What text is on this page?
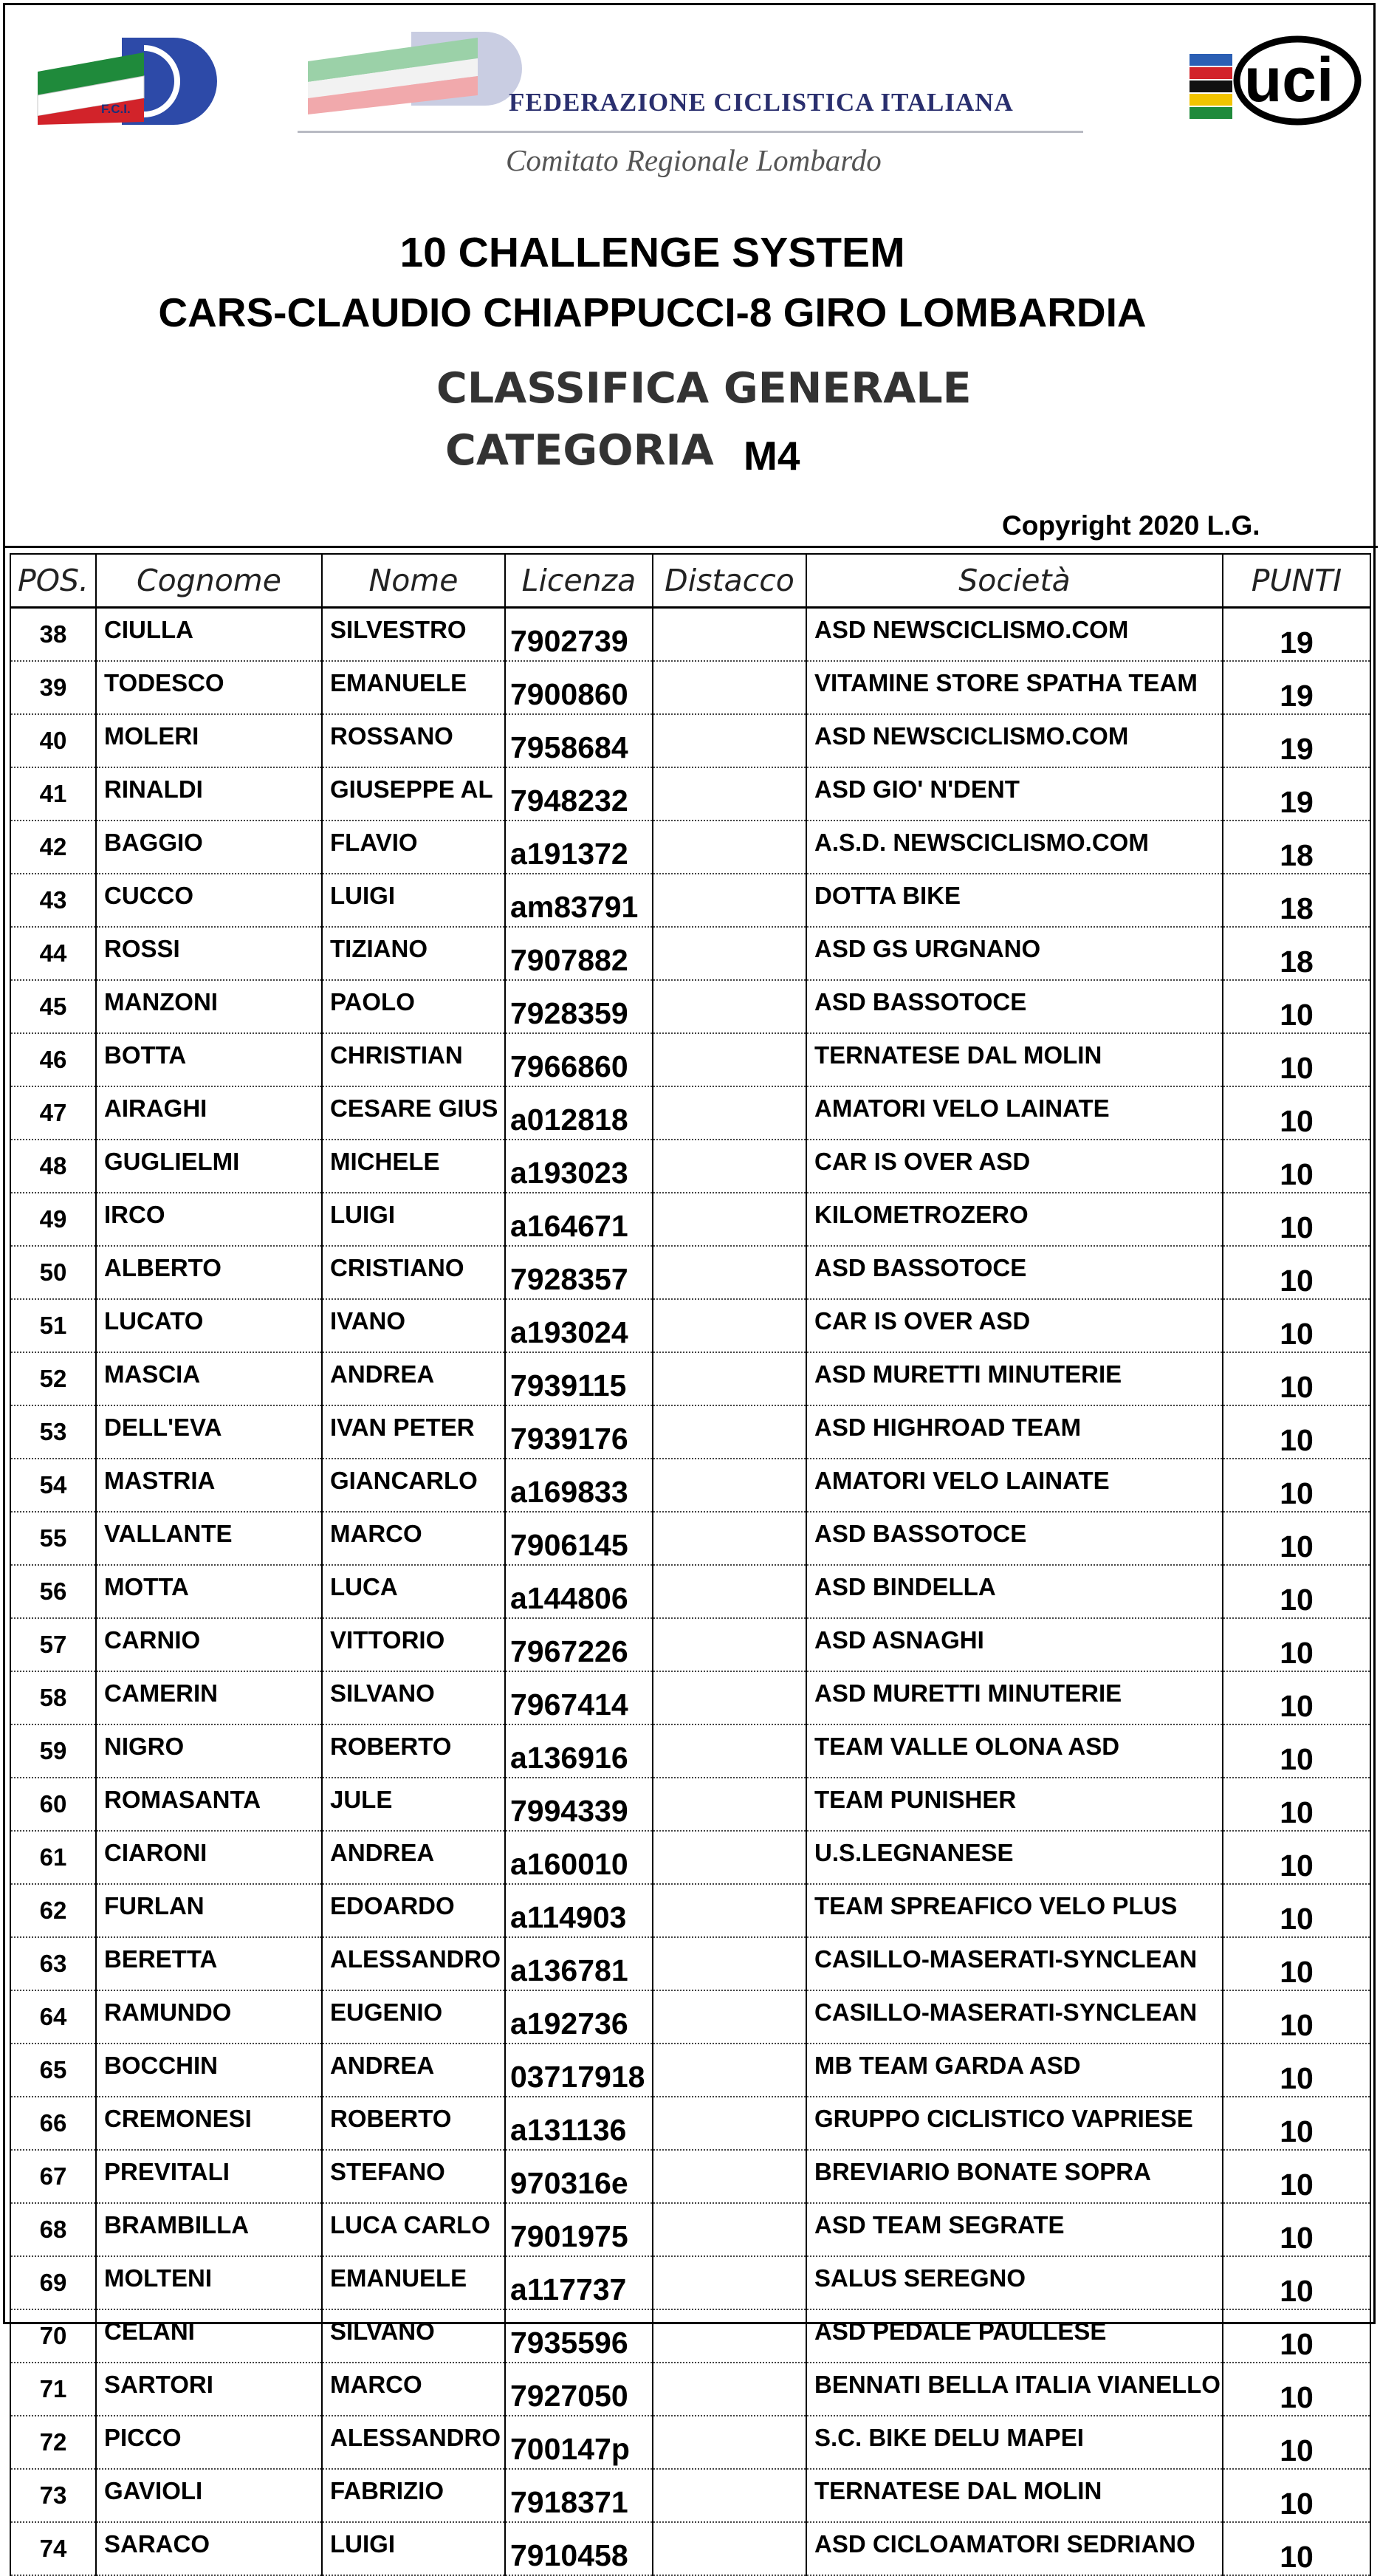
F.C.I.	FEDERAZIONE CICLISTICA ITALIANA
Comitato Regionale Lombardo
uci
10 CHALLENGE SYSTEM
CARS-CLAUDIO CHIAPPUCCI-8 GIRO LOMBARDIA
CLASSIFICA GENERALE
CATEGORIA M4
Copyright 2020 L.G.
POS.	Cognome	Nome	Licenza	Distacco	Società	PUNTI
38	CIULLA	SILVESTRO	7902739		ASD NEWSCICLISMO.COM	19
39	TODESCO	EMANUELE	7900860		VITAMINE STORE SPATHA TEAM	19
40	MOLERI	ROSSANO	7958684		ASD NEWSCICLISMO.COM	19
41	RINALDI	GIUSEPPE AL	7948232		ASD GIO' N'DENT	19
42	BAGGIO	FLAVIO	a191372		A.S.D. NEWSCICLISMO.COM	18
43	CUCCO	LUIGI	am83791		DOTTA BIKE	18
44	ROSSI	TIZIANO	7907882		ASD GS URGNANO	18
45	MANZONI	PAOLO	7928359		ASD BASSOTOCE	10
46	BOTTA	CHRISTIAN	7966860		TERNATESE DAL MOLIN	10
47	AIRAGHI	CESARE GIUS	a012818		AMATORI VELO LAINATE	10
48	GUGLIELMI	MICHELE	a193023		CAR IS OVER ASD	10
49	IRCO	LUIGI	a164671		KILOMETROZERO	10
50	ALBERTO	CRISTIANO	7928357		ASD BASSOTOCE	10
51	LUCATO	IVANO	a193024		CAR IS OVER ASD	10
52	MASCIA	ANDREA	7939115		ASD MURETTI MINUTERIE	10
53	DELL'EVA	IVAN PETER	7939176		ASD HIGHROAD TEAM	10
54	MASTRIA	GIANCARLO	a169833		AMATORI VELO LAINATE	10
55	VALLANTE	MARCO	7906145		ASD BASSOTOCE	10
56	MOTTA	LUCA	a144806		ASD BINDELLA	10
57	CARNIO	VITTORIO	7967226		ASD ASNAGHI	10
58	CAMERIN	SILVANO	7967414		ASD MURETTI MINUTERIE	10
59	NIGRO	ROBERTO	a136916		TEAM VALLE OLONA ASD	10
60	ROMASANTA	JULE	7994339		TEAM PUNISHER	10
61	CIARONI	ANDREA	a160010		U.S.LEGNANESE	10
62	FURLAN	EDOARDO	a114903		TEAM SPREAFICO VELO PLUS	10
63	BERETTA	ALESSANDRO	a136781		CASILLO-MASERATI-SYNCLEAN	10
64	RAMUNDO	EUGENIO	a192736		CASILLO-MASERATI-SYNCLEAN	10
65	BOCCHIN	ANDREA	03717918		MB TEAM GARDA ASD	10
66	CREMONESI	ROBERTO	a131136		GRUPPO CICLISTICO VAPRIESE	10
67	PREVITALI	STEFANO	970316e		BREVIARIO BONATE SOPRA	10
68	BRAMBILLA	LUCA CARLO	7901975		ASD TEAM SEGRATE	10
69	MOLTENI	EMANUELE	a117737		SALUS SEREGNO	10
70	CELANI	SILVANO	7935596		ASD PEDALE PAULLESE	10
71	SARTORI	MARCO	7927050		BENNATI BELLA ITALIA VIANELLO	10
72	PICCO	ALESSANDRO	700147p		S.C. BIKE DELU MAPEI	10
73	GAVIOLI	FABRIZIO	7918371		TERNATESE DAL MOLIN	10
74	SARACO	LUIGI	7910458		ASD CICLOAMATORI SEDRIANO	10
